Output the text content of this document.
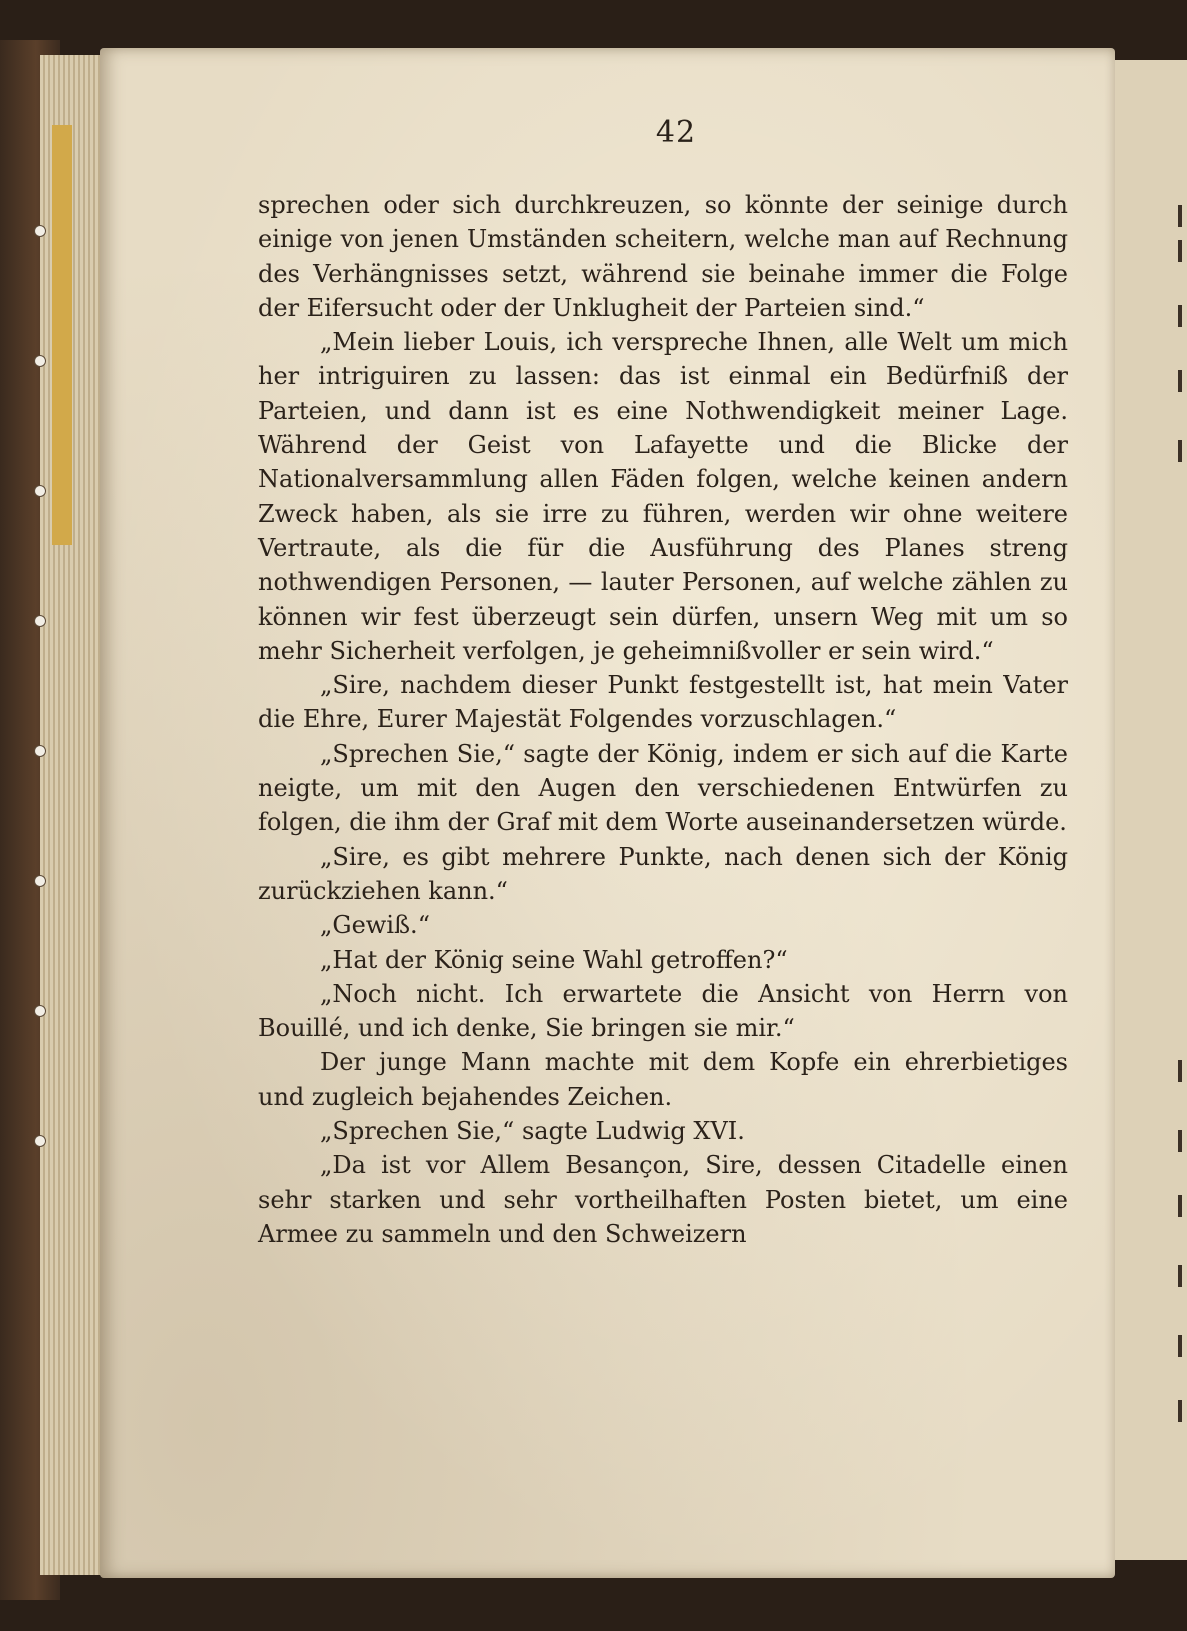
42

sprechen oder sich durchkreuzen, so könnte der seinige durch einige von jenen Umständen scheitern, welche man auf Rechnung des Verhängnisses setzt, während sie beinahe immer die Folge der Eifersucht oder der Unklugheit der Parteien sind.“

„Mein lieber Louis, ich verspreche Ihnen, alle Welt um mich her intriguiren zu lassen: das ist einmal ein Bedürfniß der Parteien, und dann ist es eine Nothwendigkeit meiner Lage. Während der Geist von Lafayette und die Blicke der Nationalversammlung allen Fäden folgen, welche keinen andern Zweck haben, als sie irre zu führen, werden wir ohne weitere Vertraute, als die für die Ausführung des Planes streng nothwendigen Personen, — lauter Personen, auf welche zählen zu können wir fest überzeugt sein dürfen, unsern Weg mit um so mehr Sicherheit verfolgen, je geheimnißvoller er sein wird.“

„Sire, nachdem dieser Punkt festgestellt ist, hat mein Vater die Ehre, Eurer Majestät Folgendes vorzuschlagen.“

„Sprechen Sie,“ sagte der König, indem er sich auf die Karte neigte, um mit den Augen den verschiedenen Entwürfen zu folgen, die ihm der Graf mit dem Worte auseinandersetzen würde.

„Sire, es gibt mehrere Punkte, nach denen sich der König zurückziehen kann.“

„Gewiß.“

„Hat der König seine Wahl getroffen?“

„Noch nicht. Ich erwartete die Ansicht von Herrn von Bouillé, und ich denke, Sie bringen sie mir.“

Der junge Mann machte mit dem Kopfe ein ehrerbietiges und zugleich bejahendes Zeichen.

„Sprechen Sie,“ sagte Ludwig XVI.

„Da ist vor Allem Besançon, Sire, dessen Citadelle einen sehr starken und sehr vortheilhaften Posten bietet, um eine Armee zu sammeln und den Schweizern
